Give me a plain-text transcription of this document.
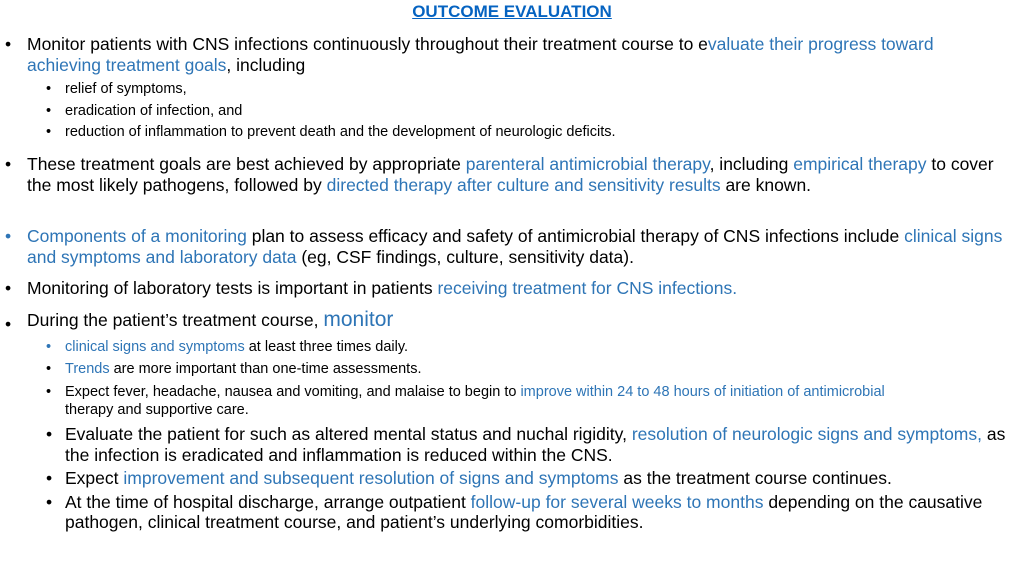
OUTCOME EVALUATION
• Monitor patients with CNS infections continuously throughout their treatment course to evaluate their progress toward achieving treatment goals, including

• relief of symptoms,
• eradication of infection, and
• reduction of inflammation to prevent death and the development of neurologic deficits.
• These treatment goals are best achieved by appropriate parenteral antimicrobial therapy, including empirical therapy to cover the most likely pathogens, followed by directed therapy after culture and sensitivity results are known.

• Components of a monitoring plan to assess efficacy and safety of antimicrobial therapy of CNS infections include clinical signs and symptoms and laboratory data (eg, CSF findings, culture, sensitivity data).

• Monitoring of laboratory tests is important in patients receiving treatment for CNS infections.

• During the patient’s treatment course, monitor

• clinical signs and symptoms at least three times daily.
• Trends are more important than one-time assessments.
• Expect fever, headache, nausea and vomiting, and malaise to begin to improve within 24 to 48 hours of initiation of antimicrobial
therapy and supportive care.
• Evaluate the patient for such as altered mental status and nuchal rigidity, resolution of neurologic signs and symptoms, as the infection is eradicated and inflammation is reduced within the CNS.

• Expect improvement and subsequent resolution of signs and symptoms as the treatment course continues.

• At the time of hospital discharge, arrange outpatient follow-up for several weeks to months depending on the causative pathogen, clinical treatment course, and patient’s underlying comorbidities.
